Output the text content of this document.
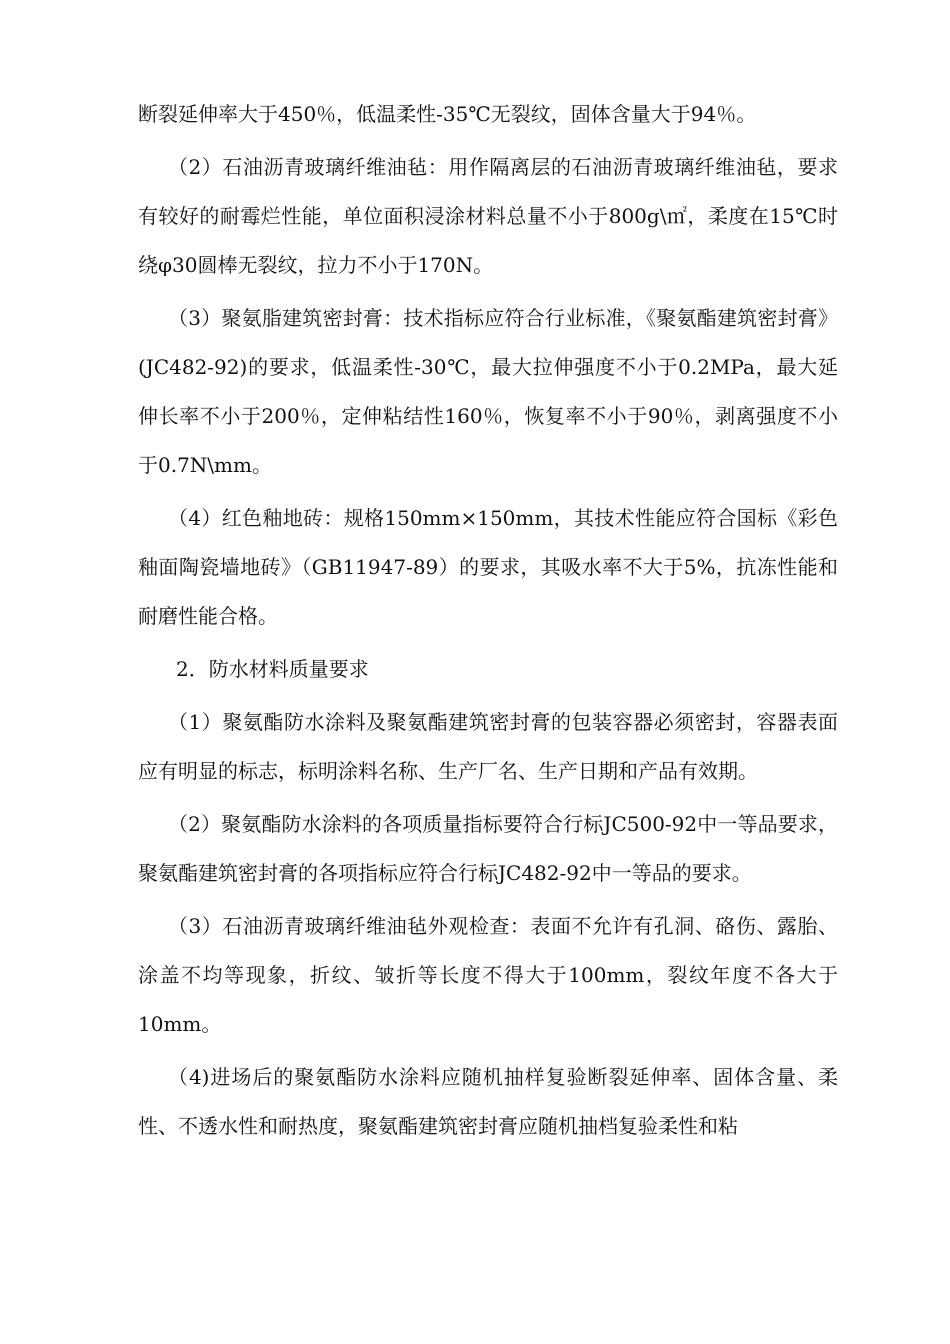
断裂延伸率大于450％，低温柔性-35℃无裂纹，固体含量大于94％。

（2）石油沥青玻璃纤维油毡：用作隔离层的石油沥青玻璃纤维油毡，要求有较好的耐霉烂性能，单位面积浸涂材料总量不小于800g\㎡，柔度在15℃时绕φ30圆棒无裂纹，拉力不小于170N。

（3）聚氨脂建筑密封膏：技术指标应符合行业标准，《聚氨酯建筑密封膏》(JC482-92)的要求，低温柔性-30℃，最大拉伸强度不小于0.2MPa，最大延伸长率不小于200％，定伸粘结性160％，恢复率不小于90％，剥离强度不小于0.7N\mm。

（4）红色釉地砖：规格150mm×150mm，其技术性能应符合国标《彩色釉面陶瓷墙地砖》（GB11947-89）的要求，其吸水率不大于5%，抗冻性能和耐磨性能合格。

2．防水材料质量要求

（1）聚氨酯防水涂料及聚氨酯建筑密封膏的包装容器必须密封，容器表面应有明显的标志，标明涂料名称、生产厂名、生产日期和产品有效期。

（2）聚氨酯防水涂料的各项质量指标要符合行标JC500-92中一等品要求，聚氨酯建筑密封膏的各项指标应符合行标JC482-92中一等品的要求。

（3）石油沥青玻璃纤维油毡外观检查：表面不允许有孔洞、硌伤、露胎、涂盖不均等现象，折纹、皱折等长度不得大于100mm，裂纹年度不各大于10mm。

（4)进场后的聚氨酯防水涂料应随机抽样复验断裂延伸率、固体含量、柔性、不透水性和耐热度，聚氨酯建筑密封膏应随机抽档复验柔性和粘
